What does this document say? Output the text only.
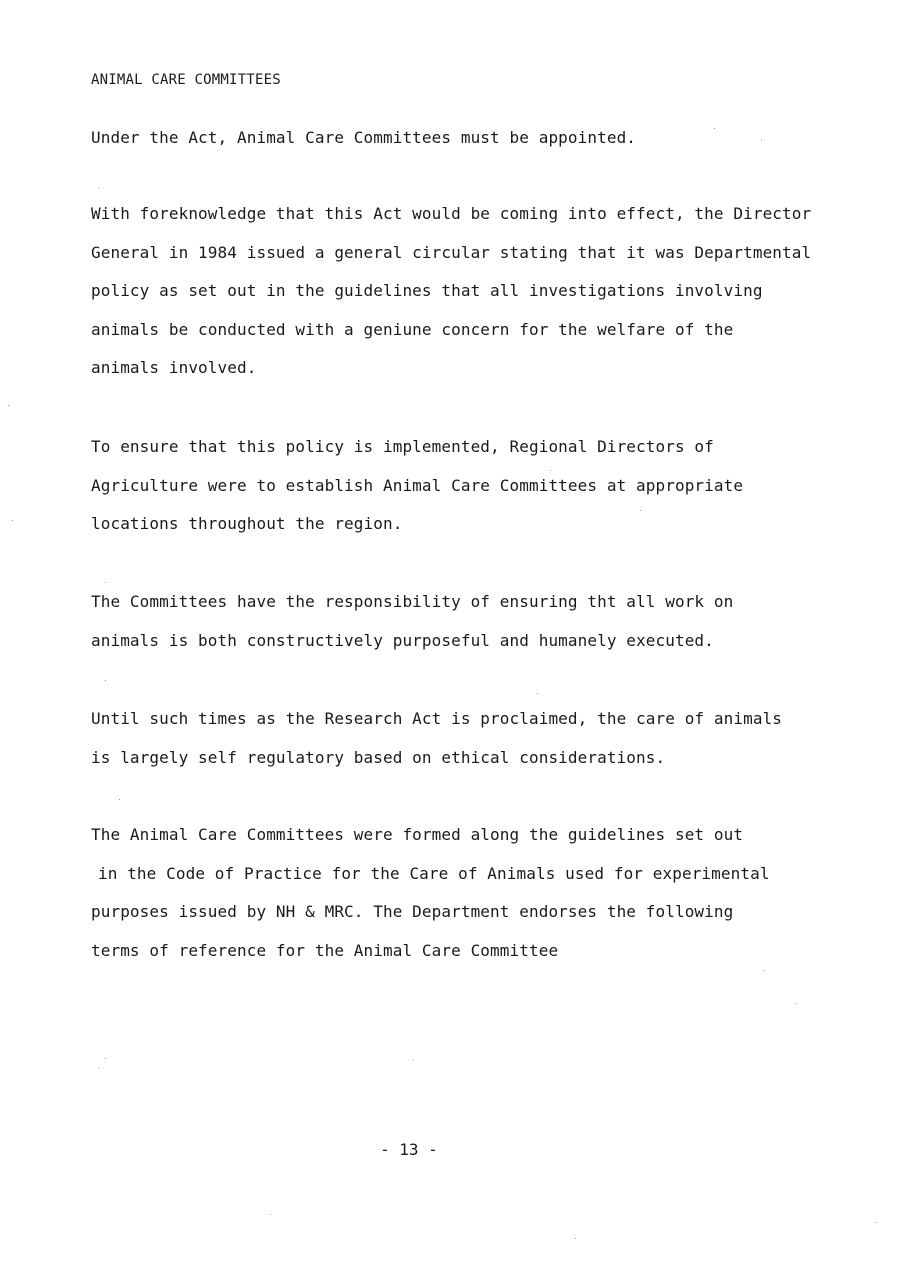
ANIMAL CARE COMMITTEES
Under the Act, Animal Care Committees must be appointed.
With foreknowledge that this Act would be coming into effect, the Director
General in 1984 issued a general circular stating that it was Departmental
policy as set out in the guidelines that all investigations involving
animals be conducted with a geniune concern for the welfare of the
animals involved.
To ensure that this policy is implemented, Regional Directors of
Agriculture were to establish Animal Care Committees at appropriate
locations throughout the region.
The Committees have the responsibility of ensuring tht all work on
animals is both constructively purposeful and humanely executed.
Until such times as the Research Act is proclaimed, the care of animals
is largely self regulatory based on ethical considerations.
The Animal Care Committees were formed along the guidelines set out
in the Code of Practice for the Care of Animals used for experimental
purposes issued by NH & MRC. The Department endorses the following
terms of reference for the Animal Care Committee
- 13 -
